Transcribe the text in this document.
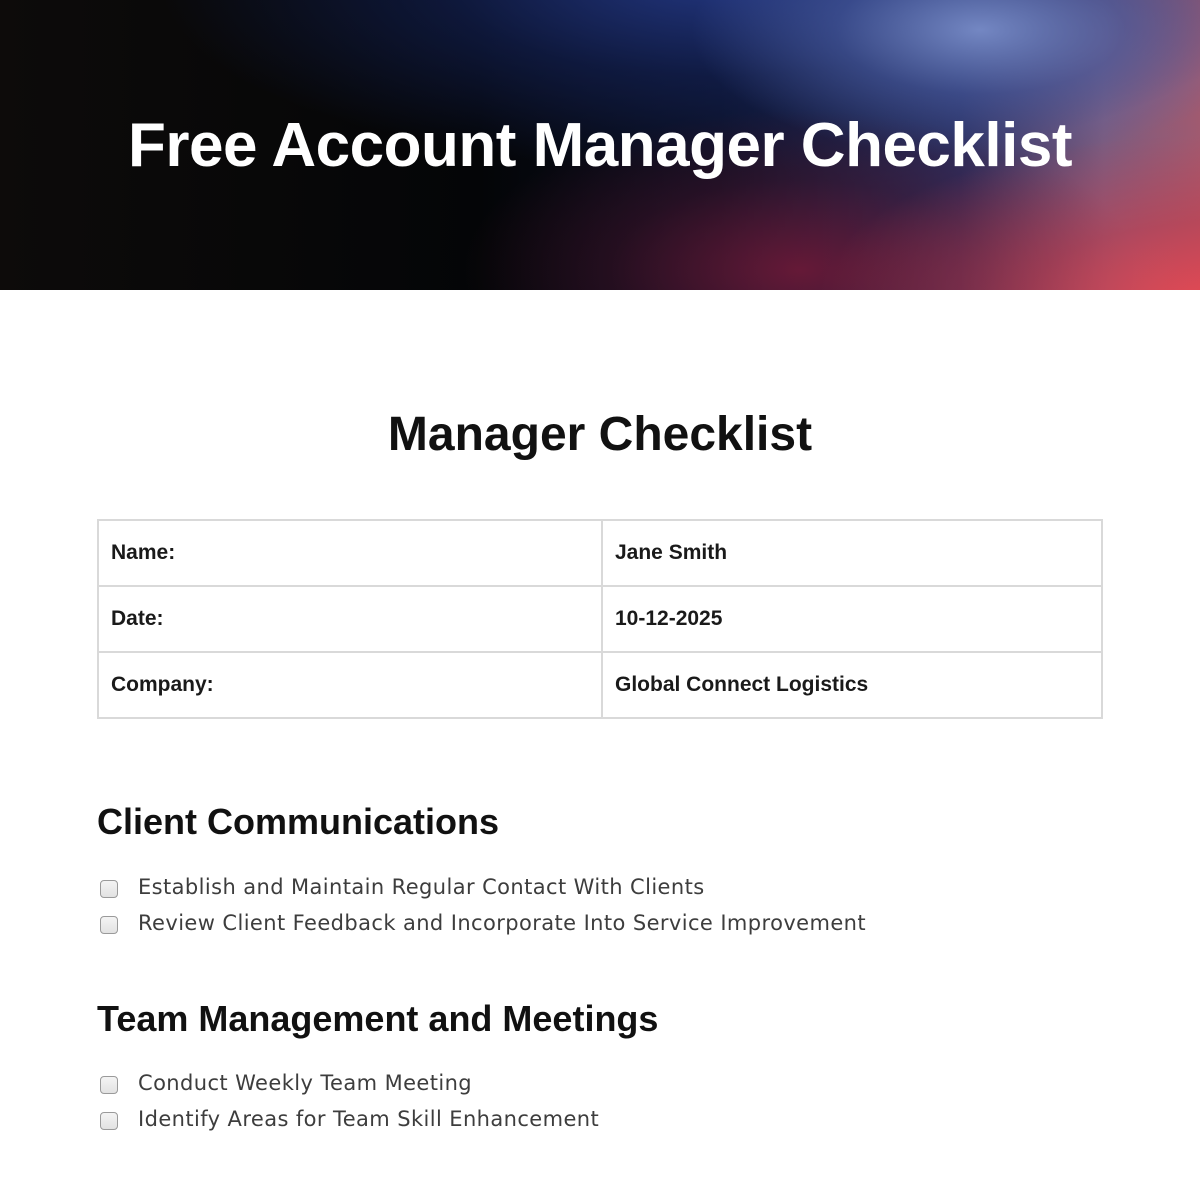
Free Account Manager Checklist
Manager Checklist
Name:	Jane Smith
Date:	10-12-2025
Company:	Global Connect Logistics
Client Communications
Establish and Maintain Regular Contact With Clients
Review Client Feedback and Incorporate Into Service Improvement
Team Management and Meetings
Conduct Weekly Team Meeting
Identify Areas for Team Skill Enhancement
